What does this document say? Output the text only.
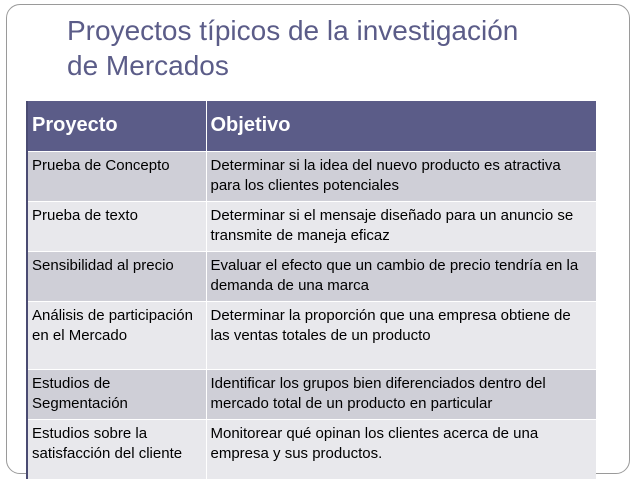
Proyectos típicos de la investigación
de Mercados
Proyecto	Objetivo
Prueba de Concepto	Determinar si la idea del nuevo producto es atractiva para los clientes potenciales
Prueba de texto	Determinar si el mensaje diseñado para un anuncio se transmite de maneja eficaz
Sensibilidad al precio	Evaluar el efecto que un cambio de precio tendría en la demanda de una marca
Análisis de participación en el Mercado	Determinar la proporción que una empresa obtiene de las ventas totales de un producto
Estudios de Segmentación	Identificar los grupos bien diferenciados dentro del mercado total de un producto en particular
Estudios sobre la satisfacción del cliente	Monitorear qué opinan los clientes acerca de una empresa y sus productos.
